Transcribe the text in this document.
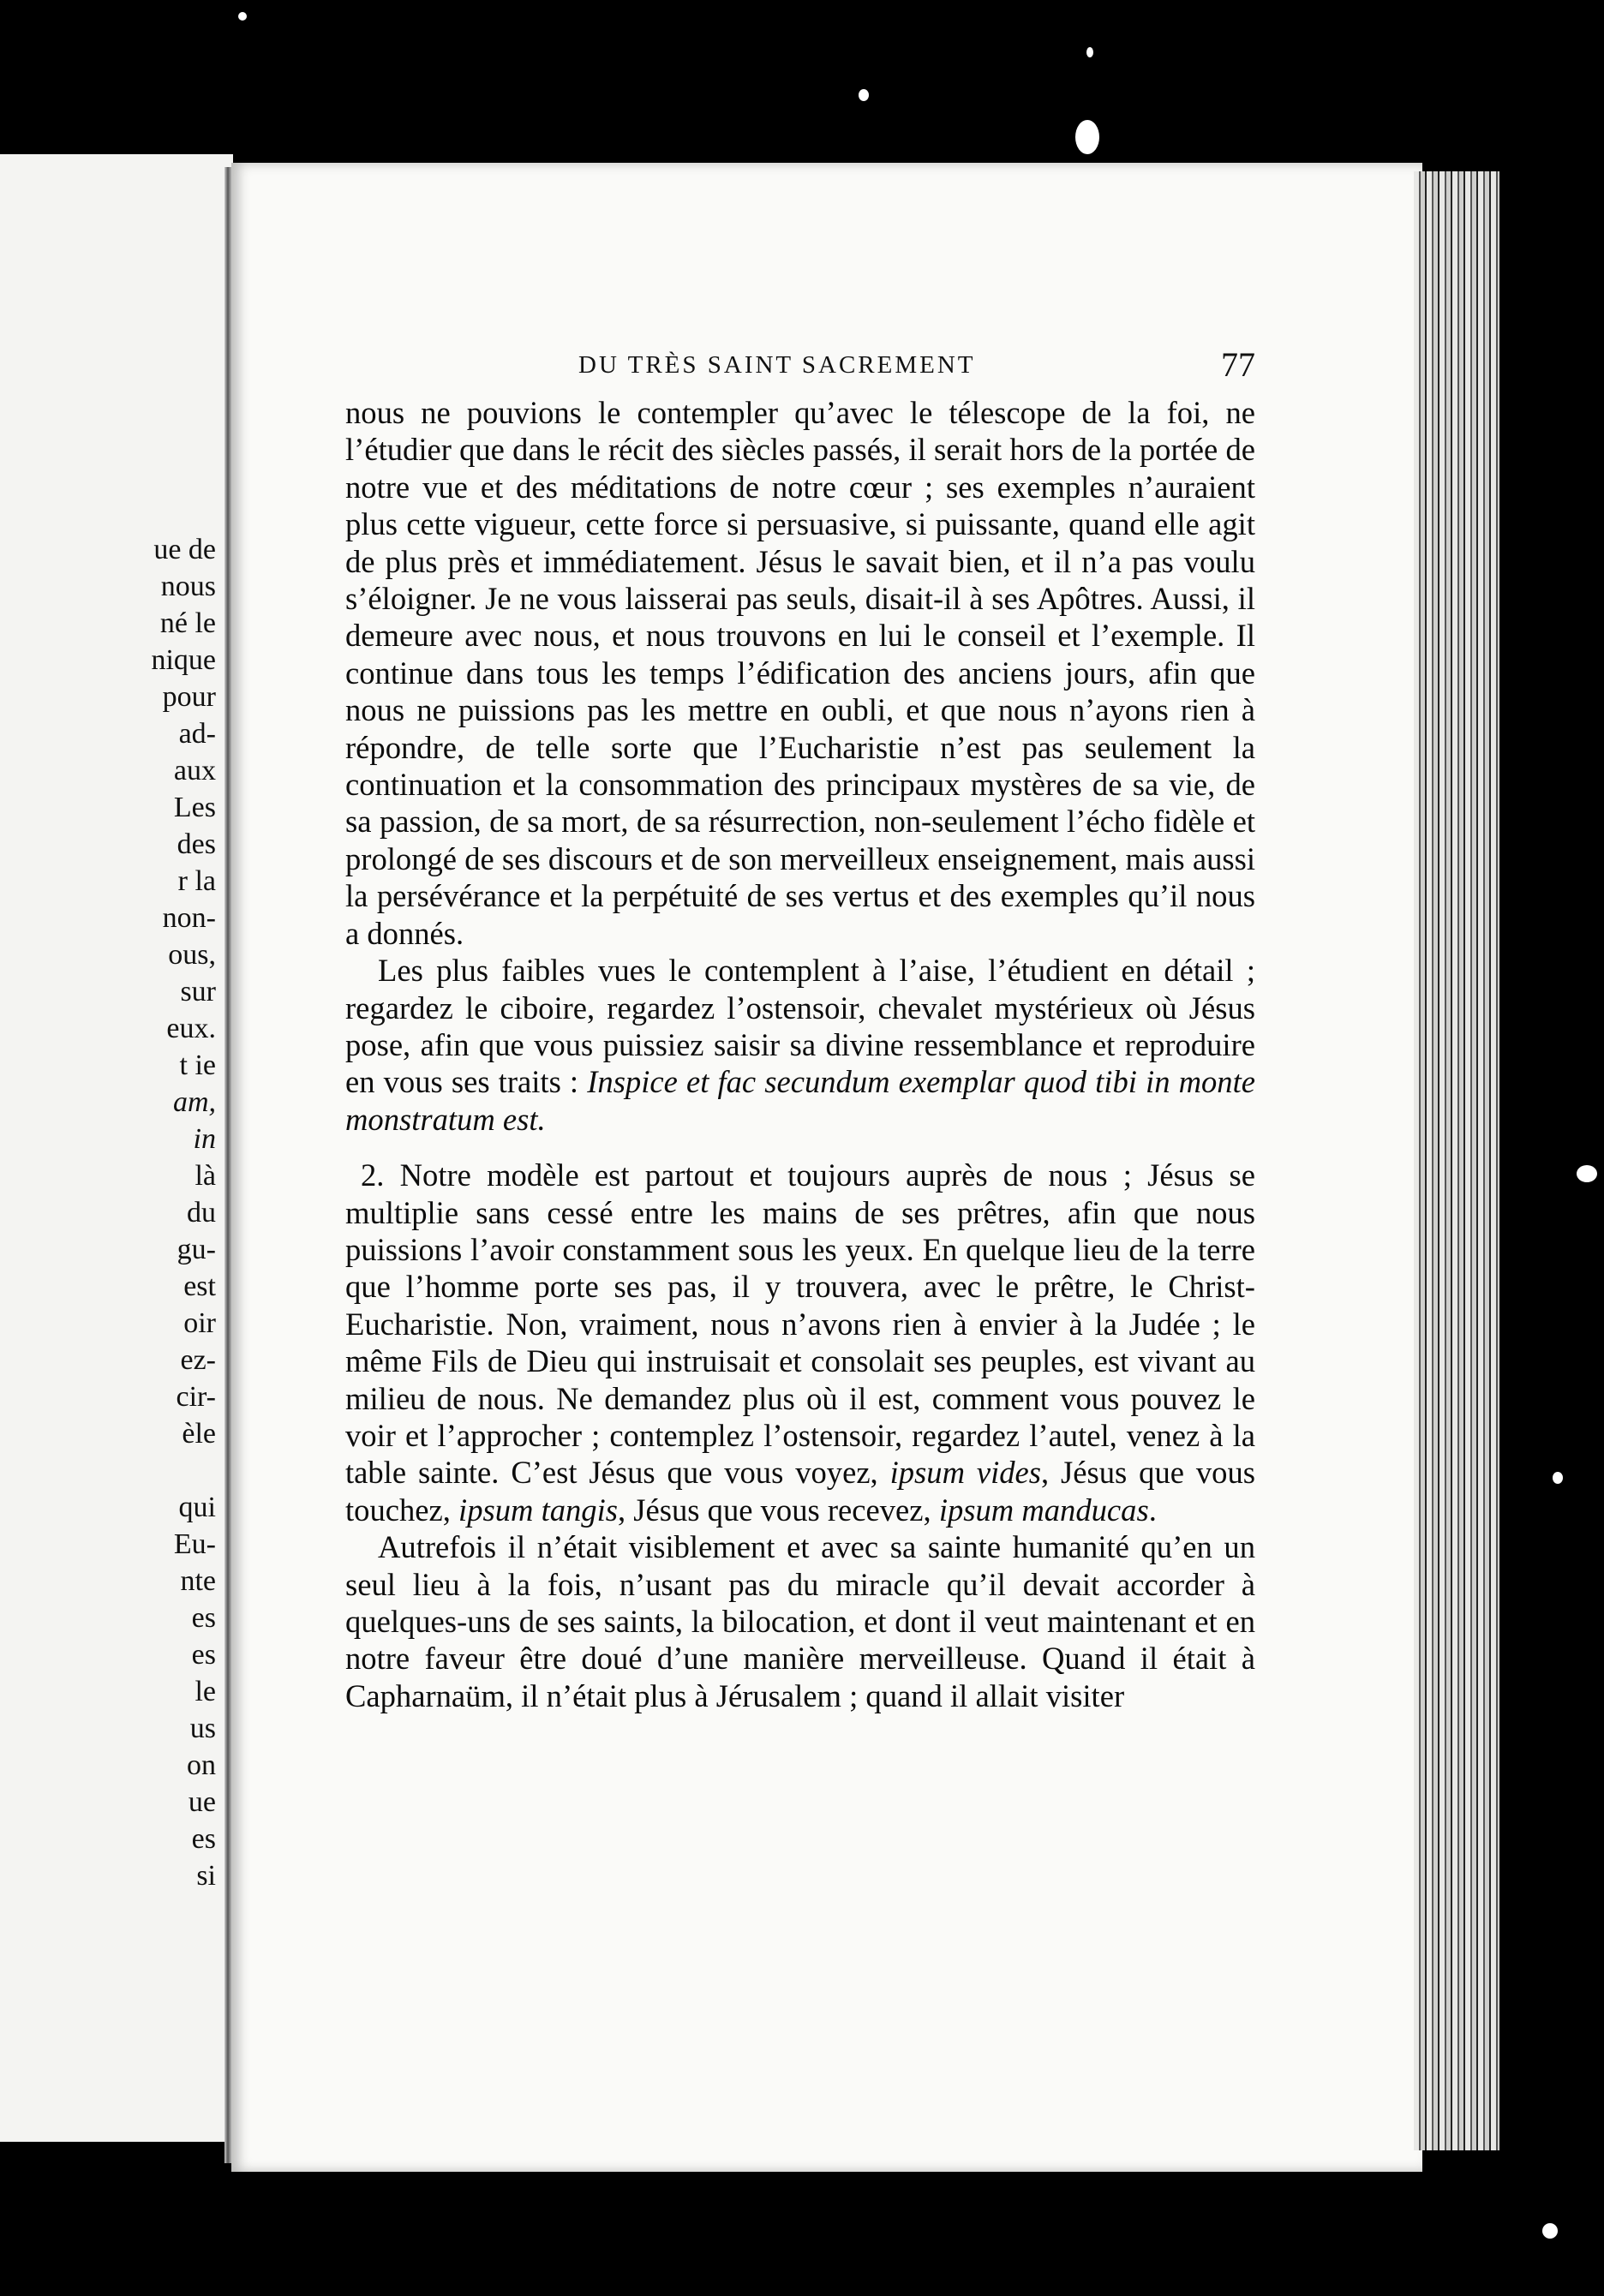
ue de
nous
né le
nique
pour
ad-
aux
Les
des
r la
non-
ous,
sur
eux.
t ie
am,
in
là
du
gu-
est
oir
ez-
cir-
èle
qui
Eu-
nte
es
es
le
us
on
ue
es
si
DU TRÈS SAINT SACREMENT	77

nous ne pouvions le contempler qu’avec le télescope de la foi, ne l’étudier que dans le récit des siècles passés, il serait hors de la portée de notre vue et des méditations de notre cœur ; ses exemples n’auraient plus cette vigueur, cette force si persuasive, si puissante, quand elle agit de plus près et immédiatement. Jésus le savait bien, et il n’a pas voulu s’éloigner. Je ne vous laisserai pas seuls, disait-il à ses Apôtres. Aussi, il demeure avec nous, et nous trouvons en lui le conseil et l’exemple. Il continue dans tous les temps l’édification des anciens jours, afin que nous ne puissions pas les mettre en oubli, et que nous n’ayons rien à répondre, de telle sorte que l’Eucharistie n’est pas seulement la continuation et la consommation des principaux mystères de sa vie, de sa passion, de sa mort, de sa résurrection, non-seulement l’écho fidèle et prolongé de ses discours et de son merveilleux enseignement, mais aussi la persévérance et la perpétuité de ses vertus et des exemples qu’il nous a donnés.

Les plus faibles vues le contemplent à l’aise, l’étudient en détail ; regardez le ciboire, regardez l’ostensoir, chevalet mystérieux où Jésus pose, afin que vous puissiez saisir sa divine ressemblance et reproduire en vous ses traits : Inspice et fac secundum exemplar quod tibi in monte monstratum est.

2. Notre modèle est partout et toujours auprès de nous ; Jésus se multiplie sans cessé entre les mains de ses prêtres, afin que nous puissions l’avoir constamment sous les yeux. En quelque lieu de la terre que l’homme porte ses pas, il y trouvera, avec le prêtre, le Christ-Eucharistie. Non, vraiment, nous n’avons rien à envier à la Judée ; le même Fils de Dieu qui instruisait et consolait ses peuples, est vivant au milieu de nous. Ne demandez plus où il est, comment vous pouvez le voir et l’approcher ; contemplez l’ostensoir, regardez l’autel, venez à la table sainte. C’est Jésus que vous voyez, ipsum vides, Jésus que vous touchez, ipsum tangis, Jésus que vous recevez, ipsum manducas.

Autrefois il n’était visiblement et avec sa sainte humanité qu’en un seul lieu à la fois, n’usant pas du miracle qu’il devait accorder à quelques-uns de ses saints, la bilocation, et dont il veut maintenant et en notre faveur être doué d’une manière merveilleuse. Quand il était à Capharnaüm, il n’était plus à Jérusalem ; quand il allait visiter
